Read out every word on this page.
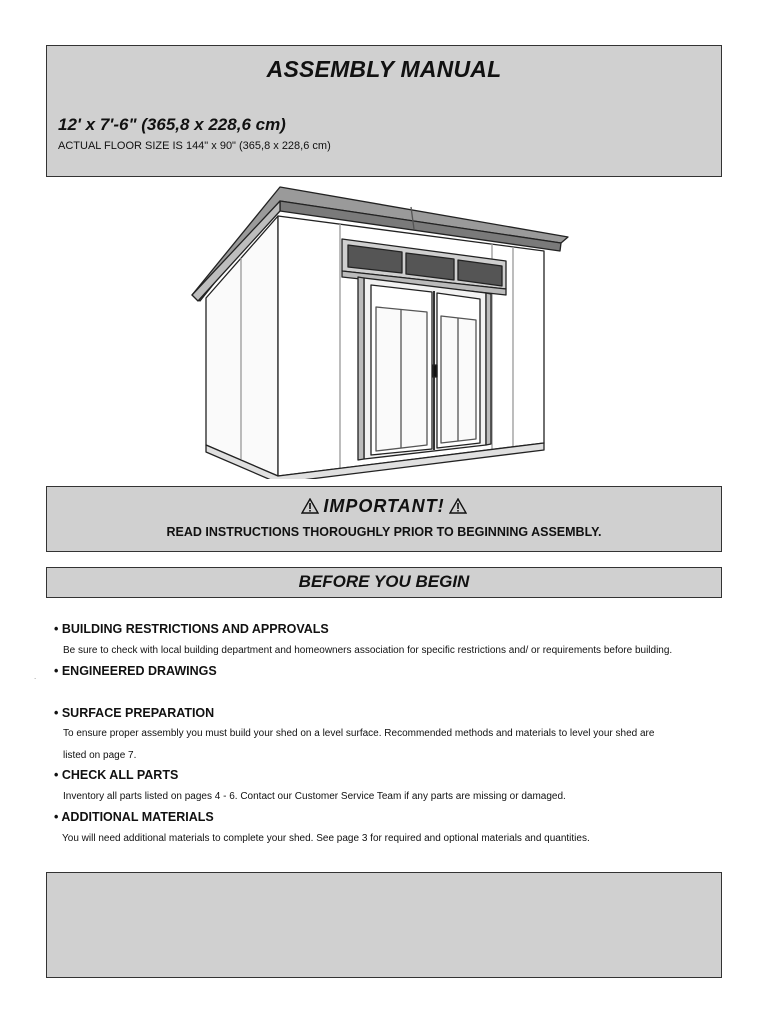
ASSEMBLY MANUAL
12' x 7'-6" (365,8 x 228,6 cm)
ACTUAL FLOOR SIZE IS 144" x 90" (365,8 x 228,6 cm)
IMPORTANT!
READ INSTRUCTIONS THOROUGHLY PRIOR TO BEGINNING ASSEMBLY.
BEFORE YOU BEGIN
• BUILDING RESTRICTIONS AND APPROVALS
Be sure to check with local building department and homeowners association for specific restrictions and/ or requirements before building.
• ENGINEERED DRAWINGS
.
• SURFACE PREPARATION
To ensure proper assembly you must build your shed on a level surface. Recommended methods and materials to level your shed are
listed on page 7.
• CHECK ALL PARTS
Inventory all parts listed on pages 4 - 6. Contact our Customer Service Team if any parts are missing or damaged.
• ADDITIONAL MATERIALS
You will need additional materials to complete your shed. See page 3 for required and optional materials and quantities.
